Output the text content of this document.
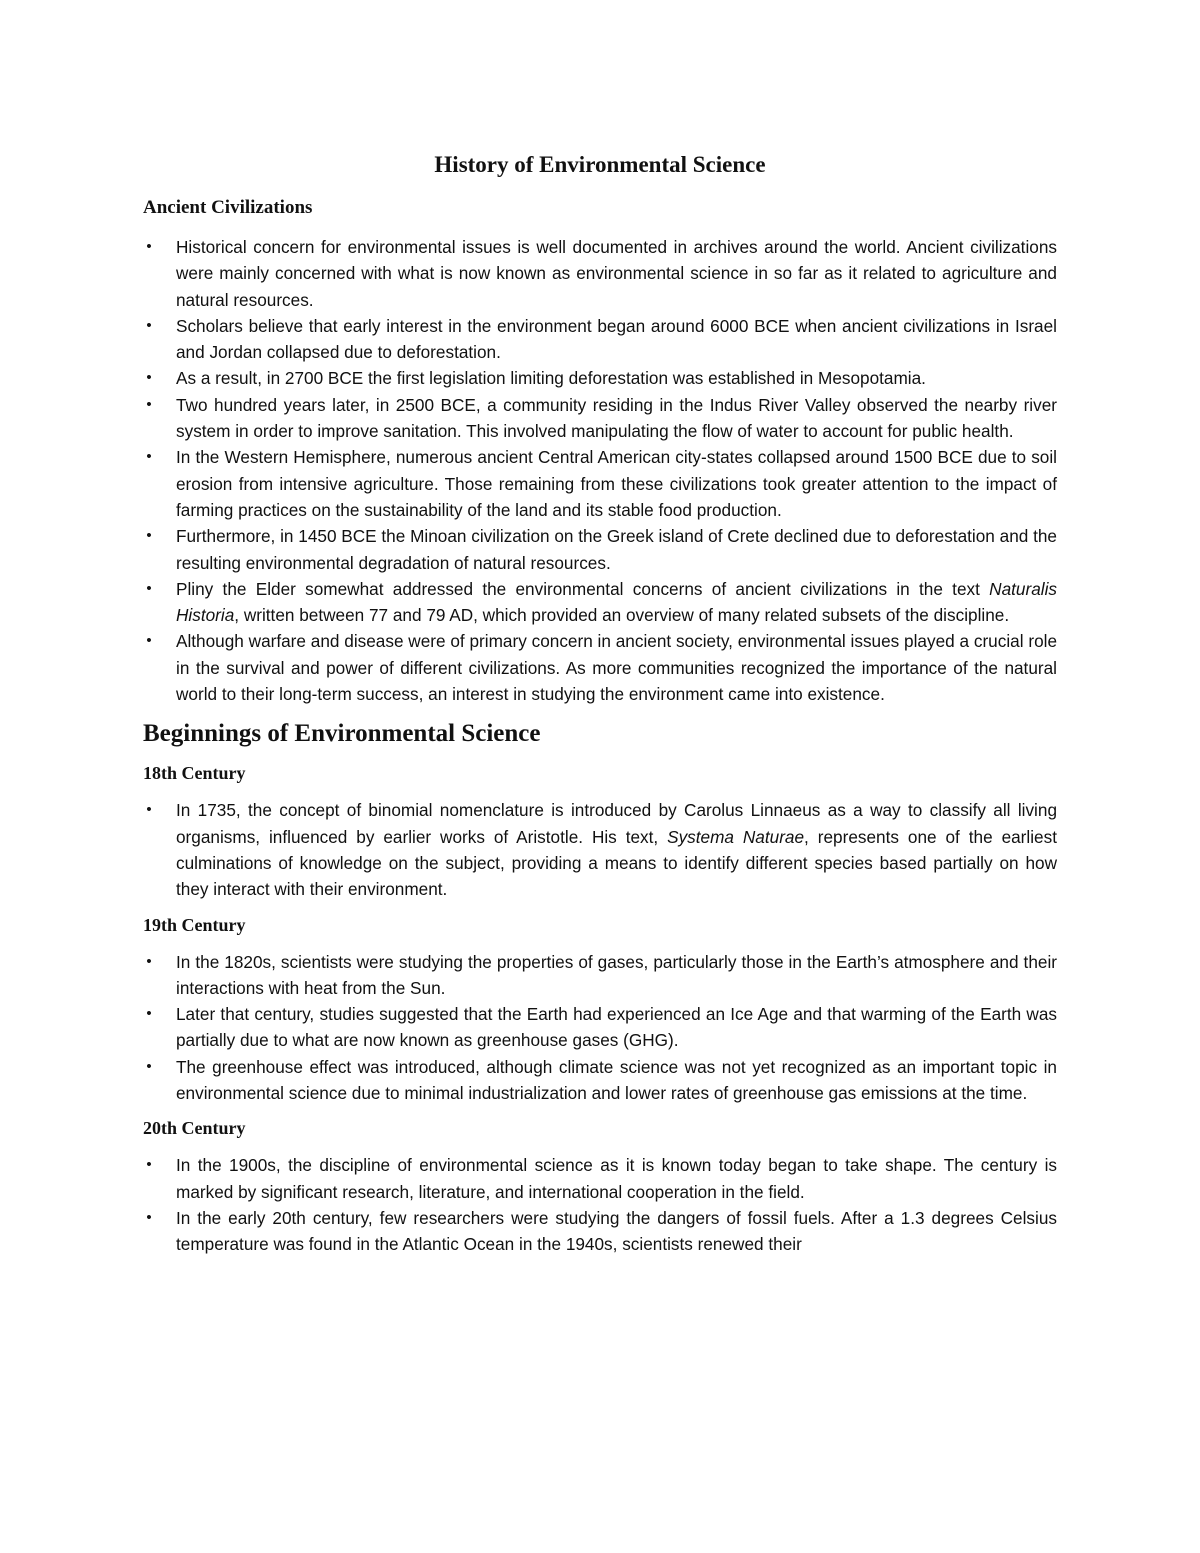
History of Environmental Science
Ancient Civilizations
• Historical concern for environmental issues is well documented in archives around the world. Ancient civilizations were mainly concerned with what is now known as environmental science in so far as it related to agriculture and natural resources.
• Scholars believe that early interest in the environment began around 6000 BCE when ancient civilizations in Israel and Jordan collapsed due to deforestation.
• As a result, in 2700 BCE the first legislation limiting deforestation was established in Mesopotamia.
• Two hundred years later, in 2500 BCE, a community residing in the Indus River Valley observed the nearby river system in order to improve sanitation. This involved manipulating the flow of water to account for public health.
• In the Western Hemisphere, numerous ancient Central American city-states collapsed around 1500 BCE due to soil erosion from intensive agriculture. Those remaining from these civilizations took greater attention to the impact of farming practices on the sustainability of the land and its stable food production.
• Furthermore, in 1450 BCE the Minoan civilization on the Greek island of Crete declined due to deforestation and the resulting environmental degradation of natural resources.
• Pliny the Elder somewhat addressed the environmental concerns of ancient civilizations in the text Naturalis Historia, written between 77 and 79 AD, which provided an overview of many related subsets of the discipline.
• Although warfare and disease were of primary concern in ancient society, environmental issues played a crucial role in the survival and power of different civilizations. As more communities recognized the importance of the natural world to their long-term success, an interest in studying the environment came into existence.
Beginnings of Environmental Science
18th Century
• In 1735, the concept of binomial nomenclature is introduced by Carolus Linnaeus as a way to classify all living organisms, influenced by earlier works of Aristotle. His text, Systema Naturae, represents one of the earliest culminations of knowledge on the subject, providing a means to identify different species based partially on how they interact with their environment.
19th Century
• In the 1820s, scientists were studying the properties of gases, particularly those in the Earth’s atmosphere and their interactions with heat from the Sun.
• Later that century, studies suggested that the Earth had experienced an Ice Age and that warming of the Earth was partially due to what are now known as greenhouse gases (GHG).
• The greenhouse effect was introduced, although climate science was not yet recognized as an important topic in environmental science due to minimal industrialization and lower rates of greenhouse gas emissions at the time.
20th Century
• In the 1900s, the discipline of environmental science as it is known today began to take shape. The century is marked by significant research, literature, and international cooperation in the field.
• In the early 20th century, few researchers were studying the dangers of fossil fuels. After a 1.3 degrees Celsius temperature was found in the Atlantic Ocean in the 1940s, scientists renewed their
